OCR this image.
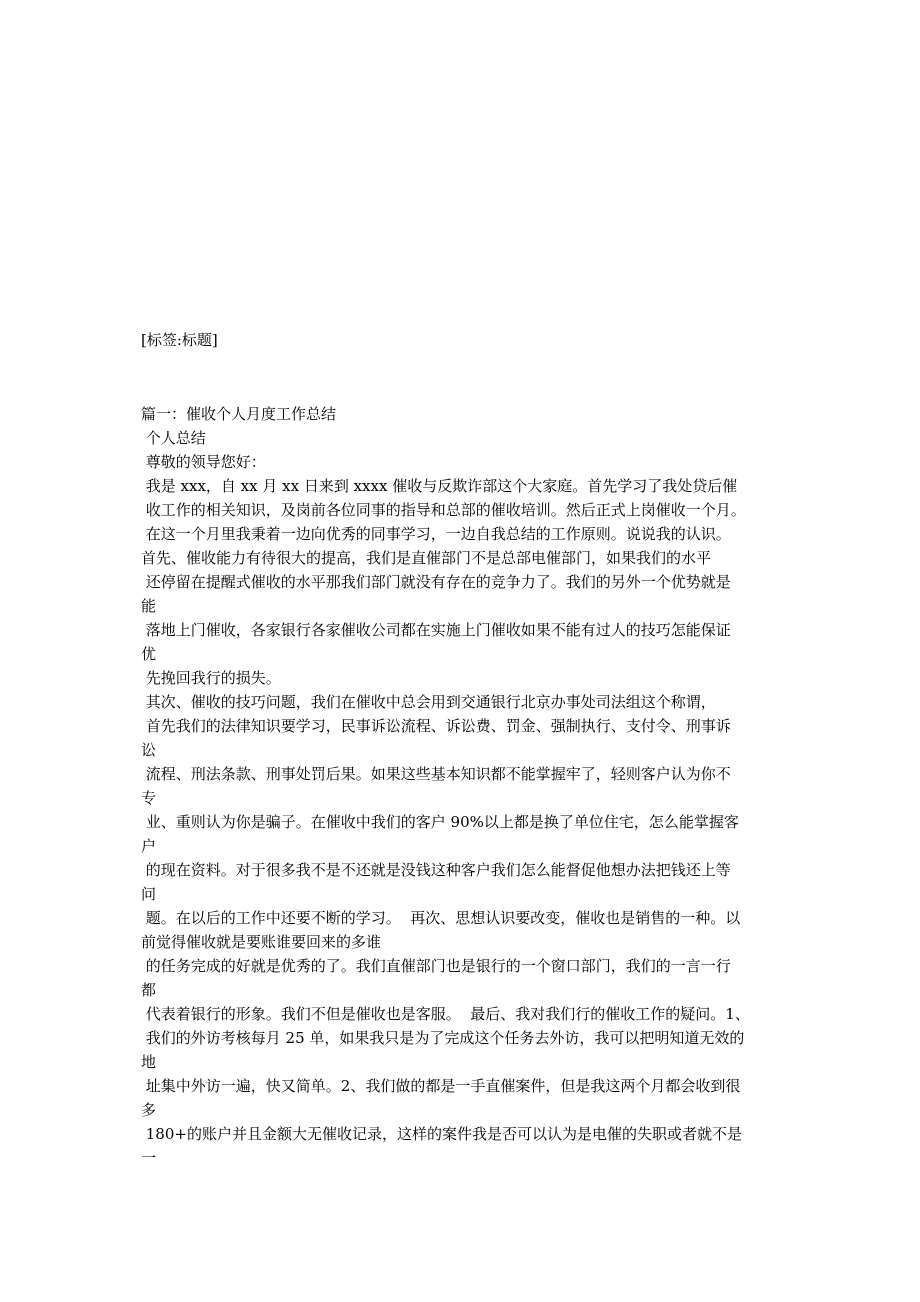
[标签:标题]
篇一：催收个人月度工作总结
个人总结
尊敬的领导您好：
我是 xxx，自 xx 月 xx 日来到 xxxx 催收与反欺诈部这个大家庭。首先学习了我处贷后催
收工作的相关知识，及岗前各位同事的指导和总部的催收培训。然后正式上岗催收一个月。
在这一个月里我秉着一边向优秀的同事学习，一边自我总结的工作原则。说说我的认识。
首先、催收能力有待很大的提高，我们是直催部门不是总部电催部门，如果我们的水平
还停留在提醒式催收的水平那我们部门就没有存在的竞争力了。我们的另外一个优势就是
能
落地上门催收，各家银行各家催收公司都在实施上门催收如果不能有过人的技巧怎能保证
优
先挽回我行的损失。
其次、催收的技巧问题，我们在催收中总会用到交通银行北京办事处司法组这个称谓，
首先我们的法律知识要学习，民事诉讼流程、诉讼费、罚金、强制执行、支付令、刑事诉
讼
流程、刑法条款、刑事处罚后果。如果这些基本知识都不能掌握牢了，轻则客户认为你不
专
业、重则认为你是骗子。在催收中我们的客户 90%以上都是换了单位住宅，怎么能掌握客
户
的现在资料。对于很多我不是不还就是没钱这种客户我们怎么能督促他想办法把钱还上等
问
题。在以后的工作中还要不断的学习。  再次、思想认识要改变，催收也是销售的一种。以
前觉得催收就是要账谁要回来的多谁
的任务完成的好就是优秀的了。我们直催部门也是银行的一个窗口部门，我们的一言一行
都
代表着银行的形象。我们不但是催收也是客服。  最后、我对我们行的催收工作的疑问。1、
我们的外访考核每月 25 单，如果我只是为了完成这个任务去外访，我可以把明知道无效的
地
址集中外访一遍，快又简单。2、我们做的都是一手直催案件，但是我这两个月都会收到很
多
180+的账户并且金额大无催收记录，这样的案件我是否可以认为是电催的失职或者就不是
一
